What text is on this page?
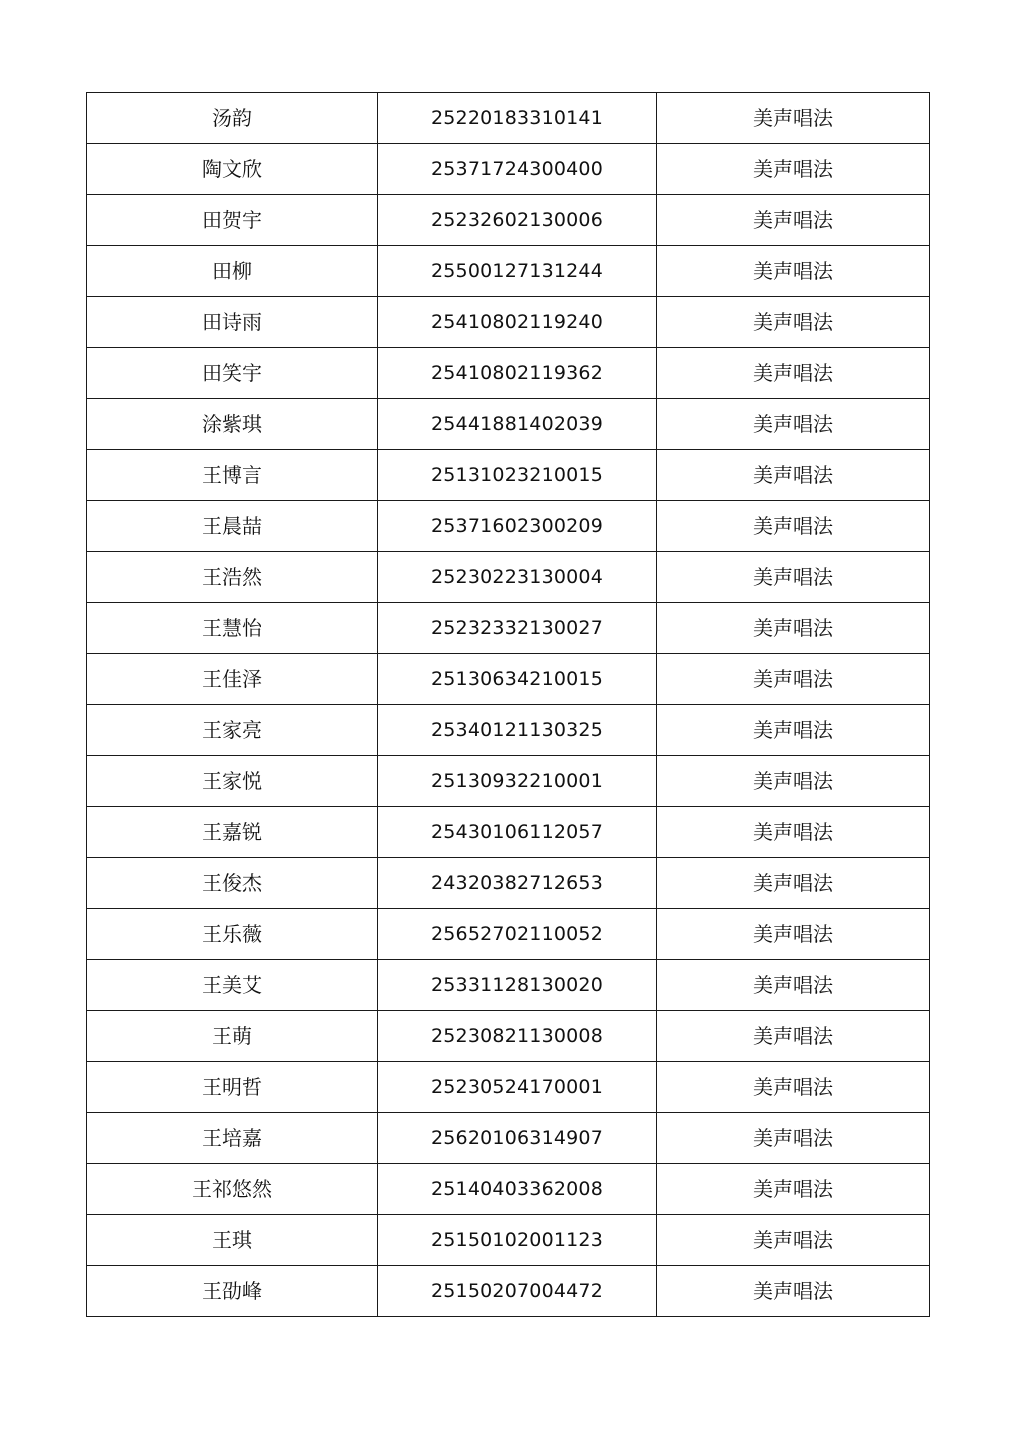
汤韵	25220183310141	美声唱法
陶文欣	25371724300400	美声唱法
田贺宇	25232602130006	美声唱法
田柳	25500127131244	美声唱法
田诗雨	25410802119240	美声唱法
田笑宇	25410802119362	美声唱法
涂紫琪	25441881402039	美声唱法
王博言	25131023210015	美声唱法
王晨喆	25371602300209	美声唱法
王浩然	25230223130004	美声唱法
王慧怡	25232332130027	美声唱法
王佳泽	25130634210015	美声唱法
王家亮	25340121130325	美声唱法
王家悦	25130932210001	美声唱法
王嘉锐	25430106112057	美声唱法
王俊杰	24320382712653	美声唱法
王乐薇	25652702110052	美声唱法
王美艾	25331128130020	美声唱法
王萌	25230821130008	美声唱法
王明哲	25230524170001	美声唱法
王培嘉	25620106314907	美声唱法
王祁悠然	25140403362008	美声唱法
王琪	25150102001123	美声唱法
王劭峰	25150207004472	美声唱法
